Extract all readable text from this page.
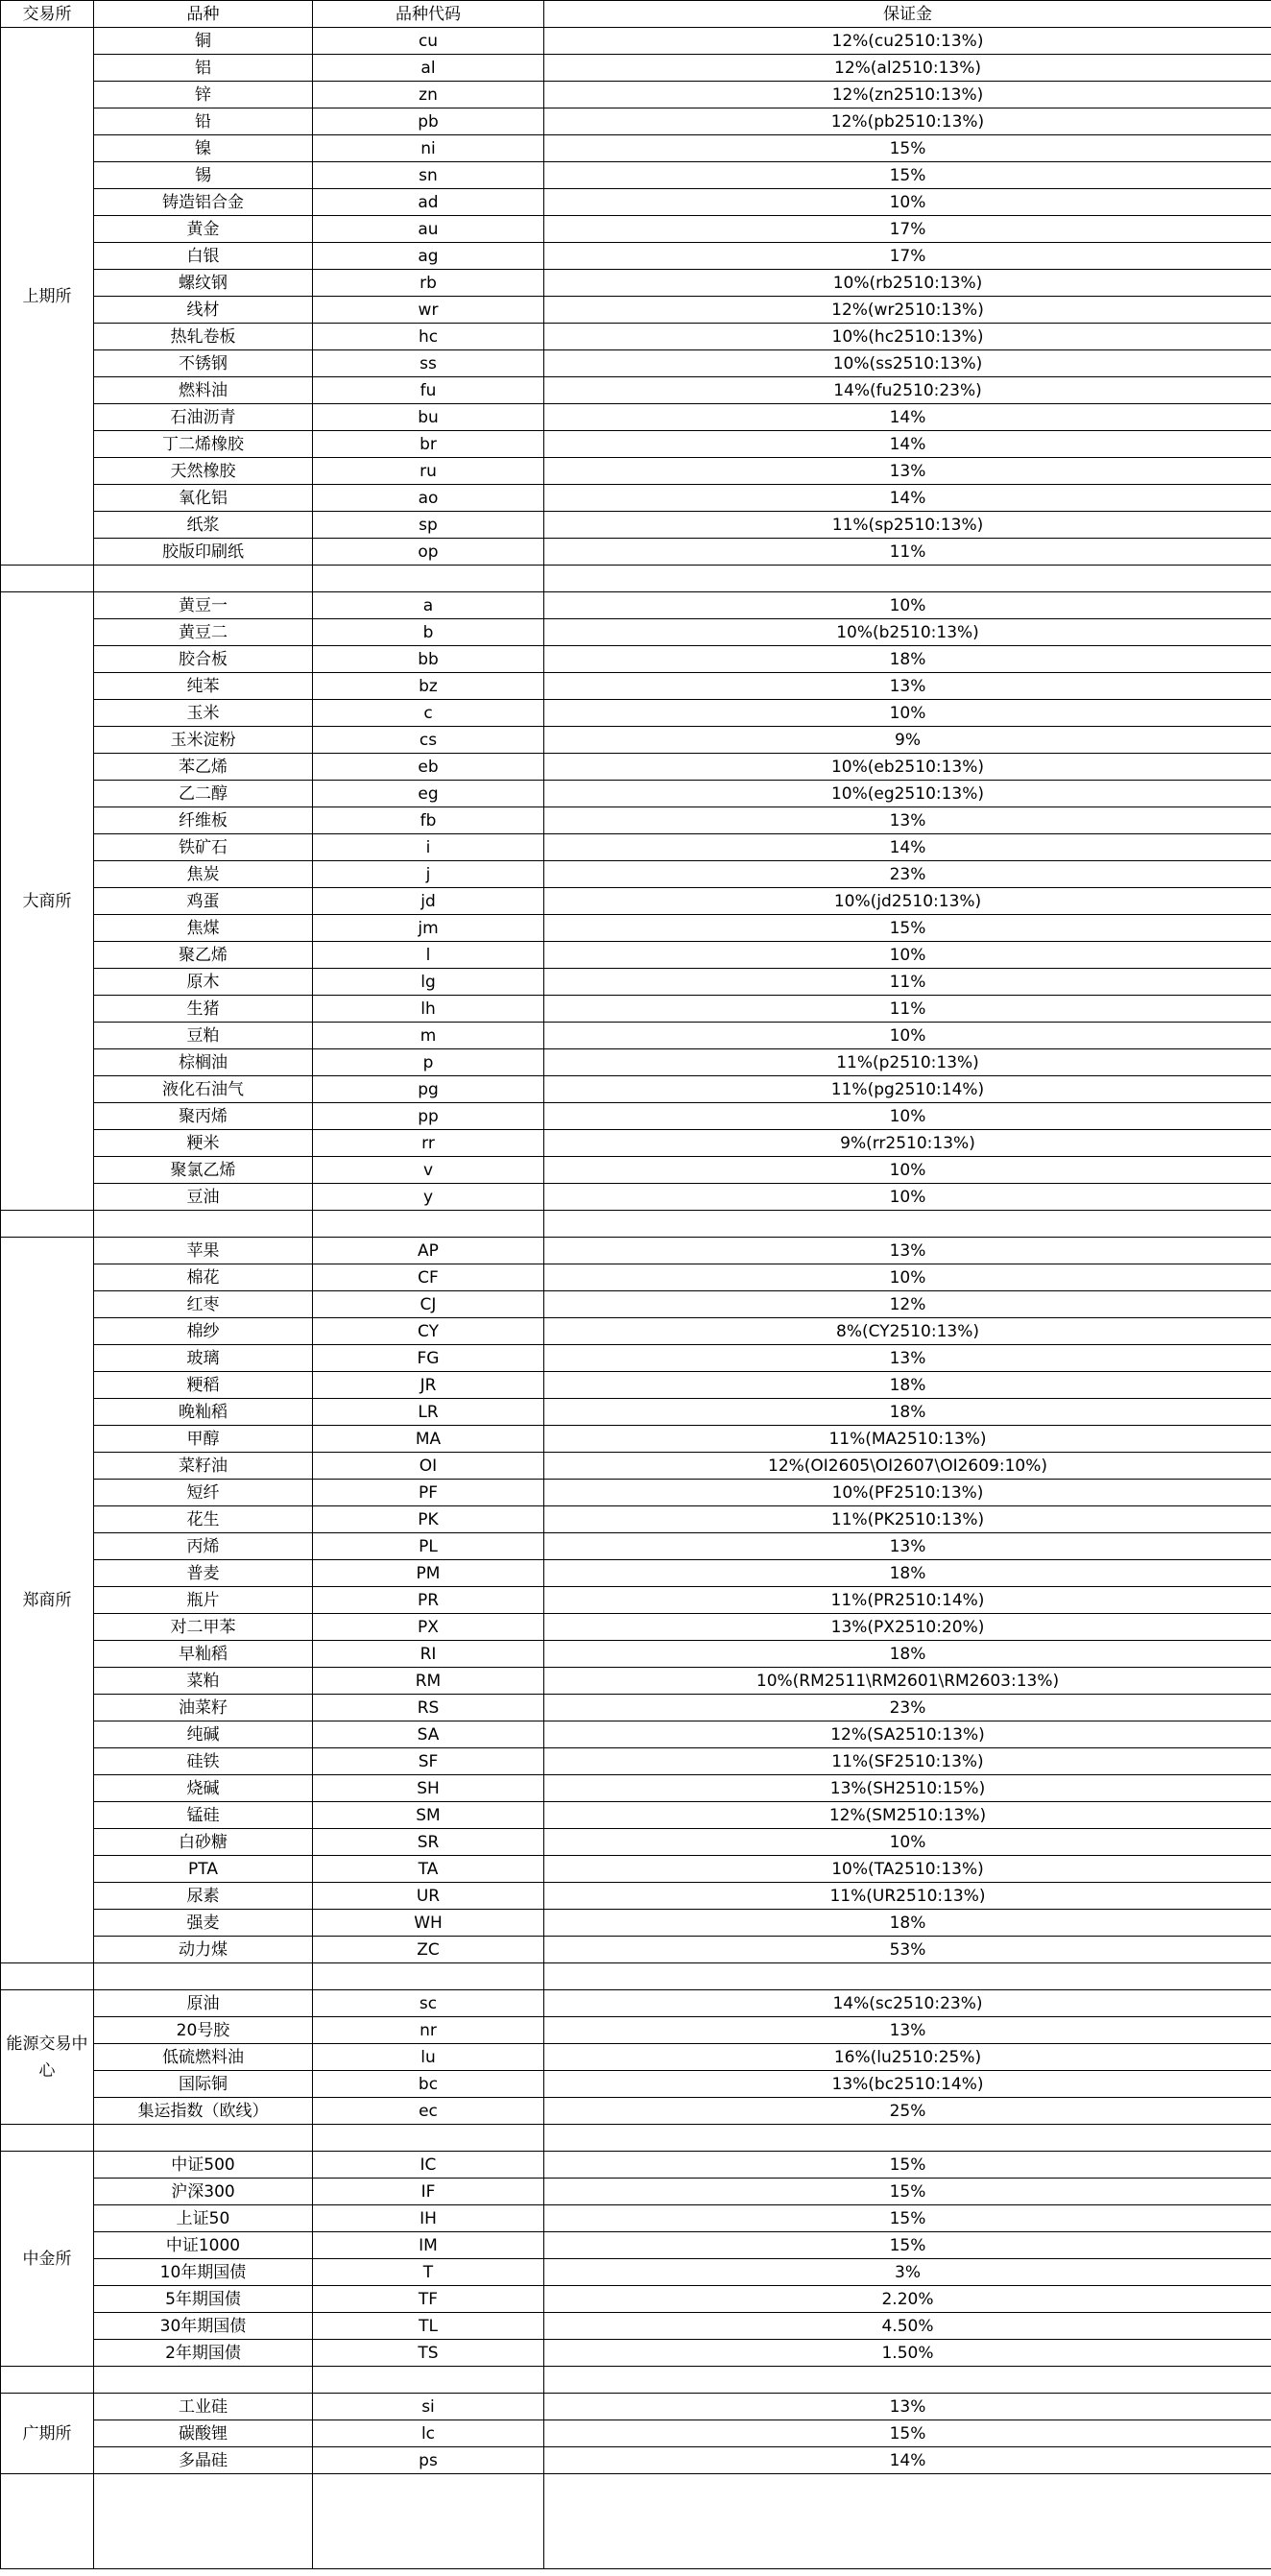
交易所	品种	品种代码	保证金
上期所	铜	cu	12%(cu2510:13%)
	铝	al	12%(al2510:13%)
	锌	zn	12%(zn2510:13%)
	铅	pb	12%(pb2510:13%)
	镍	ni	15%
	锡	sn	15%
	铸造铝合金	ad	10%
	黄金	au	17%
	白银	ag	17%
	螺纹钢	rb	10%(rb2510:13%)
	线材	wr	12%(wr2510:13%)
	热轧卷板	hc	10%(hc2510:13%)
	不锈钢	ss	10%(ss2510:13%)
	燃料油	fu	14%(fu2510:23%)
	石油沥青	bu	14%
	丁二烯橡胶	br	14%
	天然橡胶	ru	13%
	氧化铝	ao	14%
	纸浆	sp	11%(sp2510:13%)
	胶版印刷纸	op	11%

大商所	黄豆一	a	10%
	黄豆二	b	10%(b2510:13%)
	胶合板	bb	18%
	纯苯	bz	13%
	玉米	c	10%
	玉米淀粉	cs	9%
	苯乙烯	eb	10%(eb2510:13%)
	乙二醇	eg	10%(eg2510:13%)
	纤维板	fb	13%
	铁矿石	i	14%
	焦炭	j	23%
	鸡蛋	jd	10%(jd2510:13%)
	焦煤	jm	15%
	聚乙烯	l	10%
	原木	lg	11%
	生猪	lh	11%
	豆粕	m	10%
	棕榈油	p	11%(p2510:13%)
	液化石油气	pg	11%(pg2510:14%)
	聚丙烯	pp	10%
	粳米	rr	9%(rr2510:13%)
	聚氯乙烯	v	10%
	豆油	y	10%

郑商所	苹果	AP	13%
	棉花	CF	10%
	红枣	CJ	12%
	棉纱	CY	8%(CY2510:13%)
	玻璃	FG	13%
	粳稻	JR	18%
	晚籼稻	LR	18%
	甲醇	MA	11%(MA2510:13%)
	菜籽油	OI	12%(OI2605\OI2607\OI2609:10%)
	短纤	PF	10%(PF2510:13%)
	花生	PK	11%(PK2510:13%)
	丙烯	PL	13%
	普麦	PM	18%
	瓶片	PR	11%(PR2510:14%)
	对二甲苯	PX	13%(PX2510:20%)
	早籼稻	RI	18%
	菜粕	RM	10%(RM2511\RM2601\RM2603:13%)
	油菜籽	RS	23%
	纯碱	SA	12%(SA2510:13%)
	硅铁	SF	11%(SF2510:13%)
	烧碱	SH	13%(SH2510:15%)
	锰硅	SM	12%(SM2510:13%)
	白砂糖	SR	10%
	PTA	TA	10%(TA2510:13%)
	尿素	UR	11%(UR2510:13%)
	强麦	WH	18%
	动力煤	ZC	53%

能源交易中心	原油	sc	14%(sc2510:23%)
	20号胶	nr	13%
	低硫燃料油	lu	16%(lu2510:25%)
	国际铜	bc	13%(bc2510:14%)
	集运指数（欧线）	ec	25%

中金所	中证500	IC	15%
	沪深300	IF	15%
	上证50	IH	15%
	中证1000	IM	15%
	10年期国债	T	3%
	5年期国债	TF	2.20%
	30年期国债	TL	4.50%
	2年期国债	TS	1.50%

广期所	工业硅	si	13%
	碳酸锂	lc	15%
	多晶硅	ps	14%
